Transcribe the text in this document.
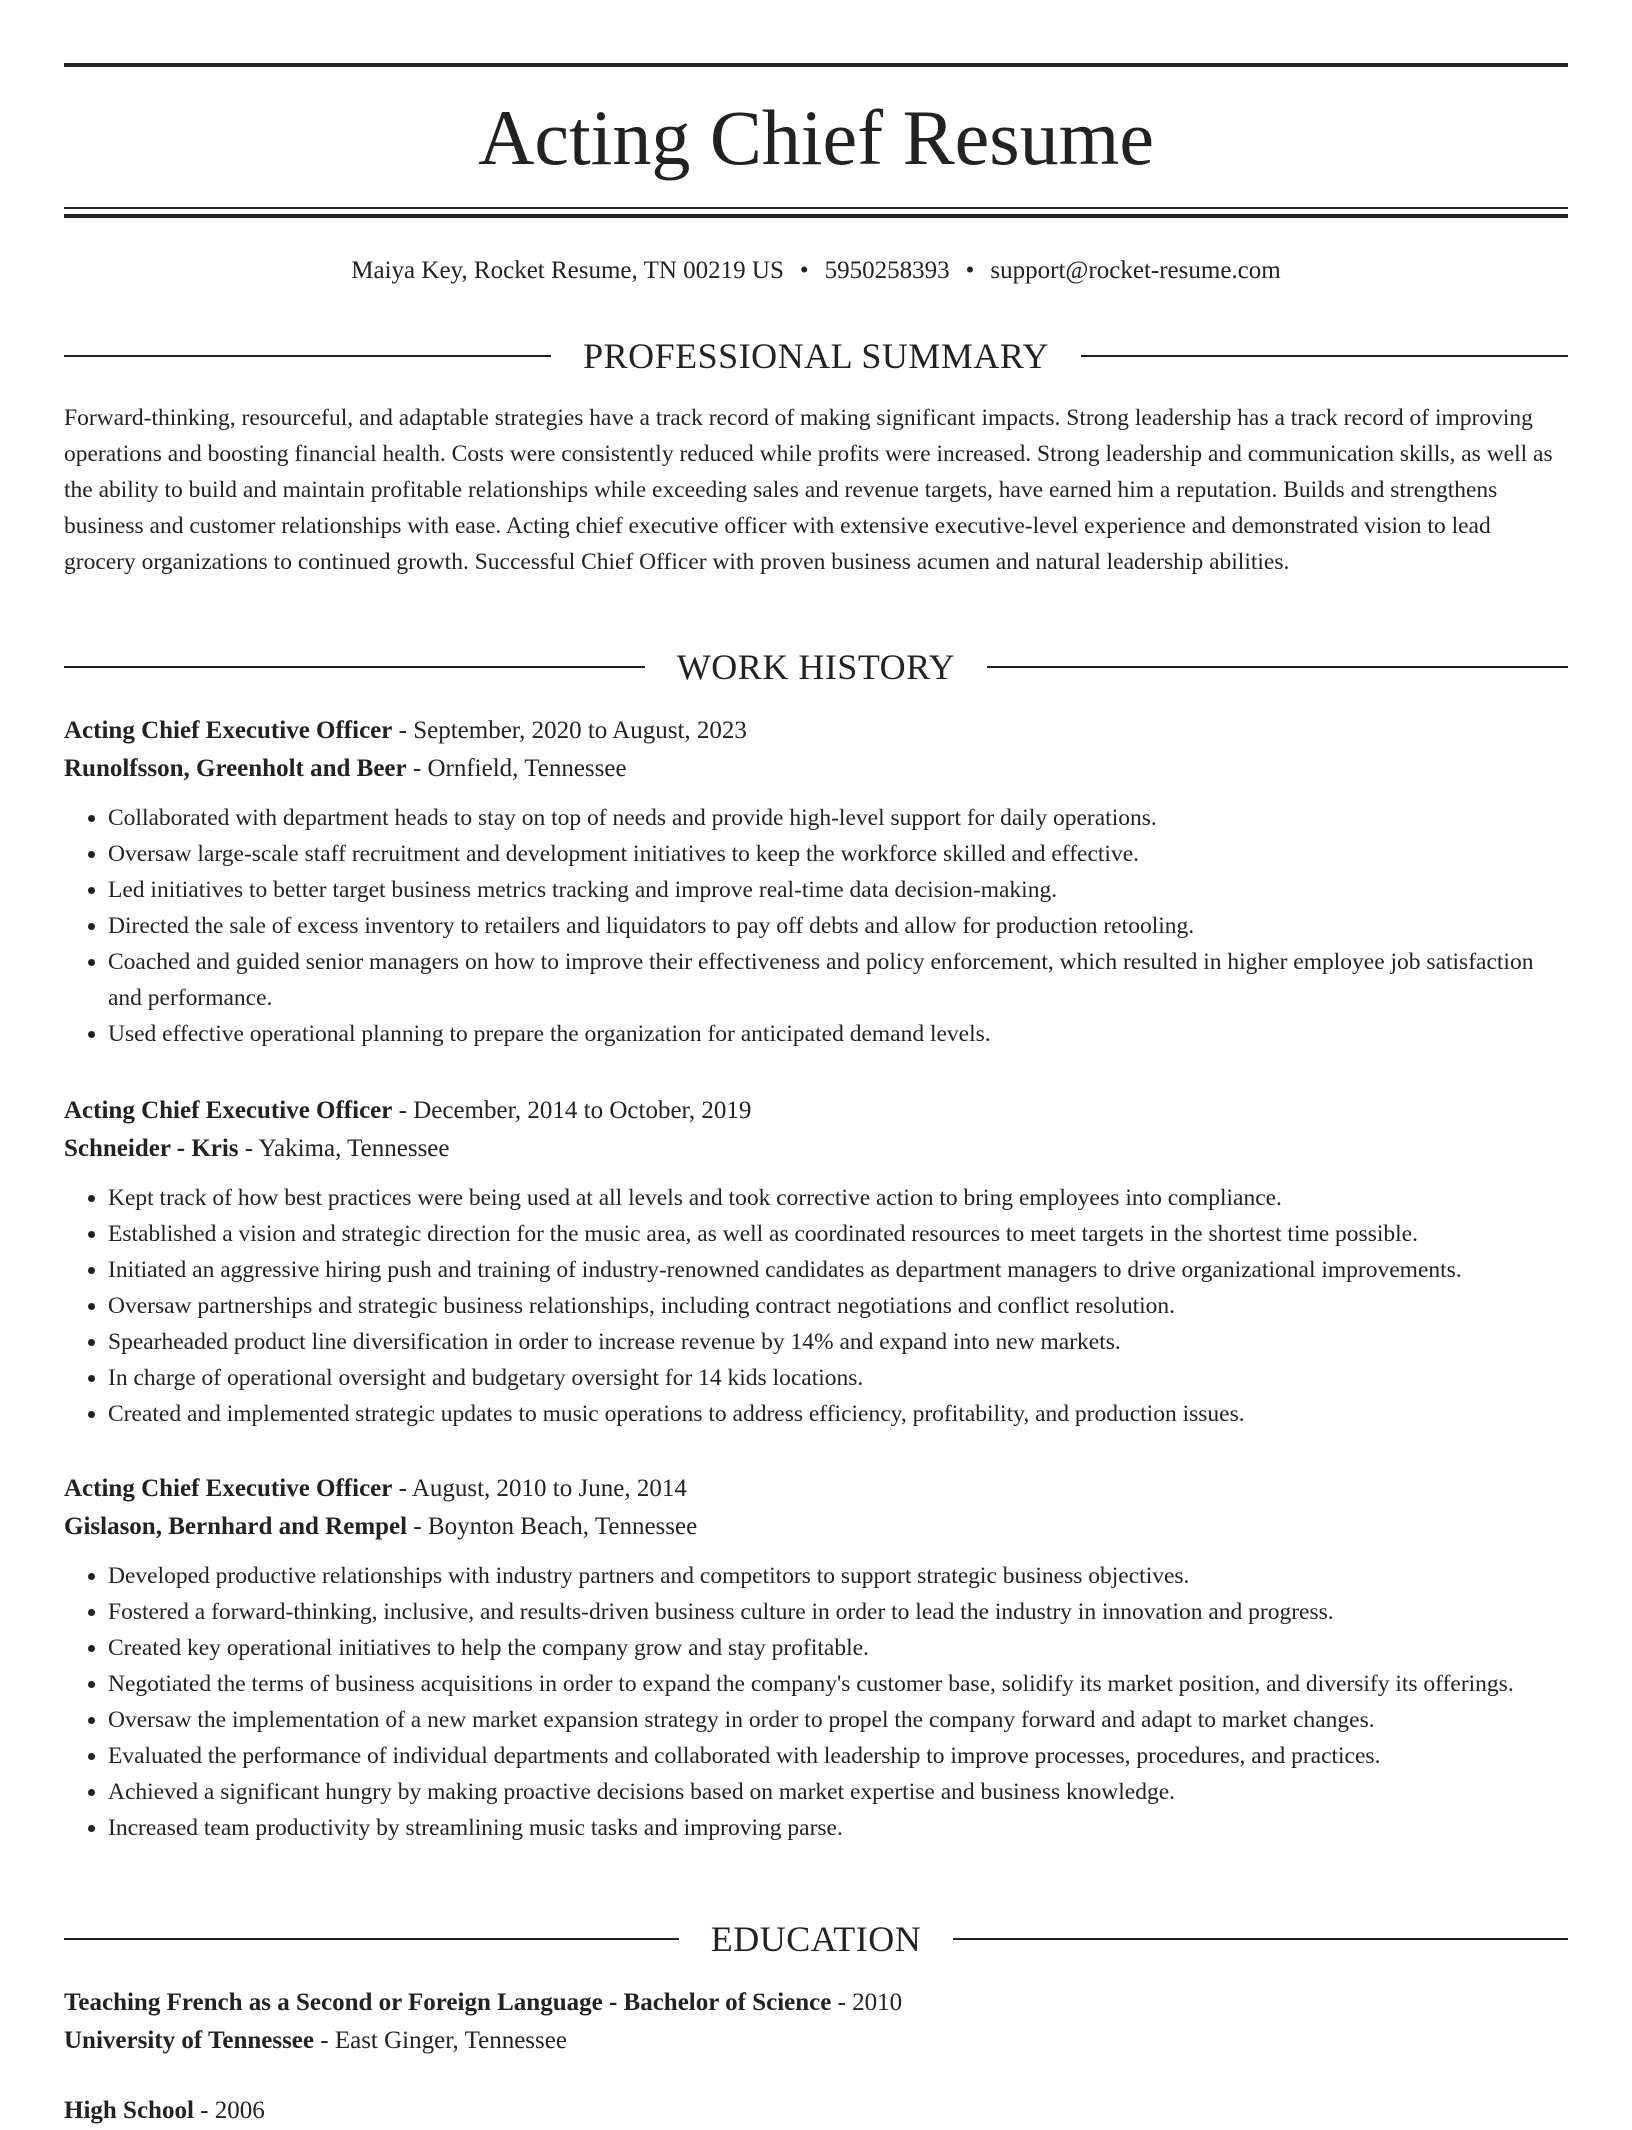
Acting Chief Resume
Maiya Key, Rocket Resume, TN 00219 US • 5950258393 • support@rocket-resume.com
PROFESSIONAL SUMMARY

Forward-thinking, resourceful, and adaptable strategies have a track record of making significant impacts. Strong leadership has a track record of improving operations and boosting financial health. Costs were consistently reduced while profits were increased. Strong leadership and communication skills, as well as the ability to build and maintain profitable relationships while exceeding sales and revenue targets, have earned him a reputation. Builds and strengthens business and customer relationships with ease. Acting chief executive officer with extensive executive-level experience and demonstrated vision to lead grocery organizations to continued growth. Successful Chief Officer with proven business acumen and natural leadership abilities.

WORK HISTORY
Acting Chief Executive Officer - September, 2020 to August, 2023
Runolfsson, Greenholt and Beer - Ornfield, Tennessee
• Collaborated with department heads to stay on top of needs and provide high-level support for daily operations.
• Oversaw large-scale staff recruitment and development initiatives to keep the workforce skilled and effective.
• Led initiatives to better target business metrics tracking and improve real-time data decision-making.
• Directed the sale of excess inventory to retailers and liquidators to pay off debts and allow for production retooling.
• Coached and guided senior managers on how to improve their effectiveness and policy enforcement, which resulted in higher employee job satisfaction and performance.
• Used effective operational planning to prepare the organization for anticipated demand levels.
Acting Chief Executive Officer - December, 2014 to October, 2019
Schneider - Kris - Yakima, Tennessee
• Kept track of how best practices were being used at all levels and took corrective action to bring employees into compliance.
• Established a vision and strategic direction for the music area, as well as coordinated resources to meet targets in the shortest time possible.
• Initiated an aggressive hiring push and training of industry-renowned candidates as department managers to drive organizational improvements.
• Oversaw partnerships and strategic business relationships, including contract negotiations and conflict resolution.
• Spearheaded product line diversification in order to increase revenue by 14% and expand into new markets.
• In charge of operational oversight and budgetary oversight for 14 kids locations.
• Created and implemented strategic updates to music operations to address efficiency, profitability, and production issues.
Acting Chief Executive Officer - August, 2010 to June, 2014
Gislason, Bernhard and Rempel - Boynton Beach, Tennessee
• Developed productive relationships with industry partners and competitors to support strategic business objectives.
• Fostered a forward-thinking, inclusive, and results-driven business culture in order to lead the industry in innovation and progress.
• Created key operational initiatives to help the company grow and stay profitable.
• Negotiated the terms of business acquisitions in order to expand the company's customer base, solidify its market position, and diversify its offerings.
• Oversaw the implementation of a new market expansion strategy in order to propel the company forward and adapt to market changes.
• Evaluated the performance of individual departments and collaborated with leadership to improve processes, procedures, and practices.
• Achieved a significant hungry by making proactive decisions based on market expertise and business knowledge.
• Increased team productivity by streamlining music tasks and improving parse.
EDUCATION
Teaching French as a Second or Foreign Language - Bachelor of Science - 2010
University of Tennessee - East Ginger, Tennessee
High School - 2006
